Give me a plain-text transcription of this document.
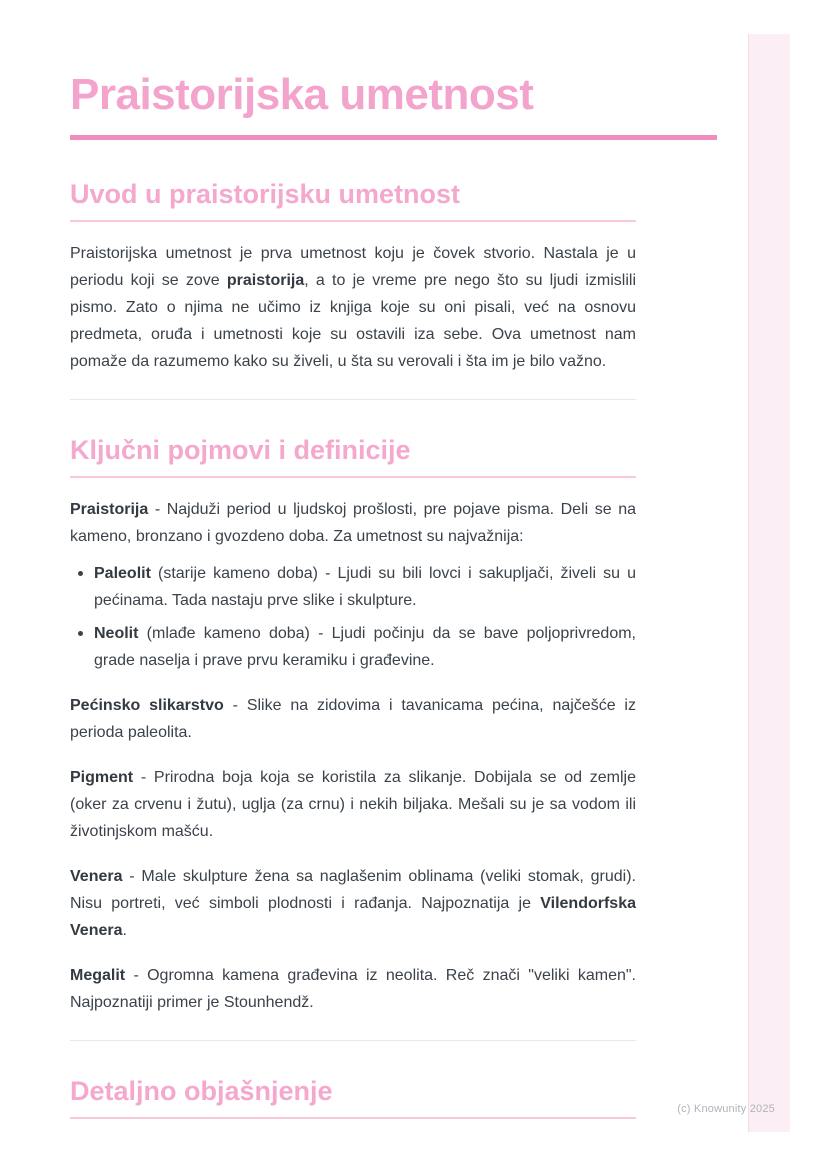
Praistorijska umetnost
Uvod u praistorijsku umetnost

Praistorijska umetnost je prva umetnost koju je čovek stvorio. Nastala je u periodu koji se zove praistorija, a to je vreme pre nego što su ljudi izmislili pismo. Zato o njima ne učimo iz knjiga koje su oni pisali, već na osnovu predmeta, oruđa i umetnosti koje su ostavili iza sebe. Ova umetnost nam pomaže da razumemo kako su živeli, u šta su verovali i šta im je bilo važno.

Ključni pojmovi i definicije

Praistorija - Najduži period u ljudskoj prošlosti, pre pojave pisma. Deli se na kameno, bronzano i gvozdeno doba. Za umetnost su najvažnija:

Paleolit (starije kameno doba) - Ljudi su bili lovci i sakupljači, živeli su u pećinama. Tada nastaju prve slike i skulpture.
Neolit (mlađe kameno doba) - Ljudi počinju da se bave poljoprivredom, grade naselja i prave prvu keramiku i građevine.

Pećinsko slikarstvo - Slike na zidovima i tavanicama pećina, najčešće iz perioda paleolita.

Pigment - Prirodna boja koja se koristila za slikanje. Dobijala se od zemlje (oker za crvenu i žutu), uglja (za crnu) i nekih biljaka. Mešali su je sa vodom ili životinjskom mašću.

Venera - Male skulpture žena sa naglašenim oblinama (veliki stomak, grudi). Nisu portreti, već simboli plodnosti i rađanja. Najpoznatija je Vilendorfska Venera.

Megalit - Ogromna kamena građevina iz neolita. Reč znači "veliki kamen". Najpoznatiji primer je Stounhendž.

Detaljno objašnjenje
(c) Knowunity 2025
